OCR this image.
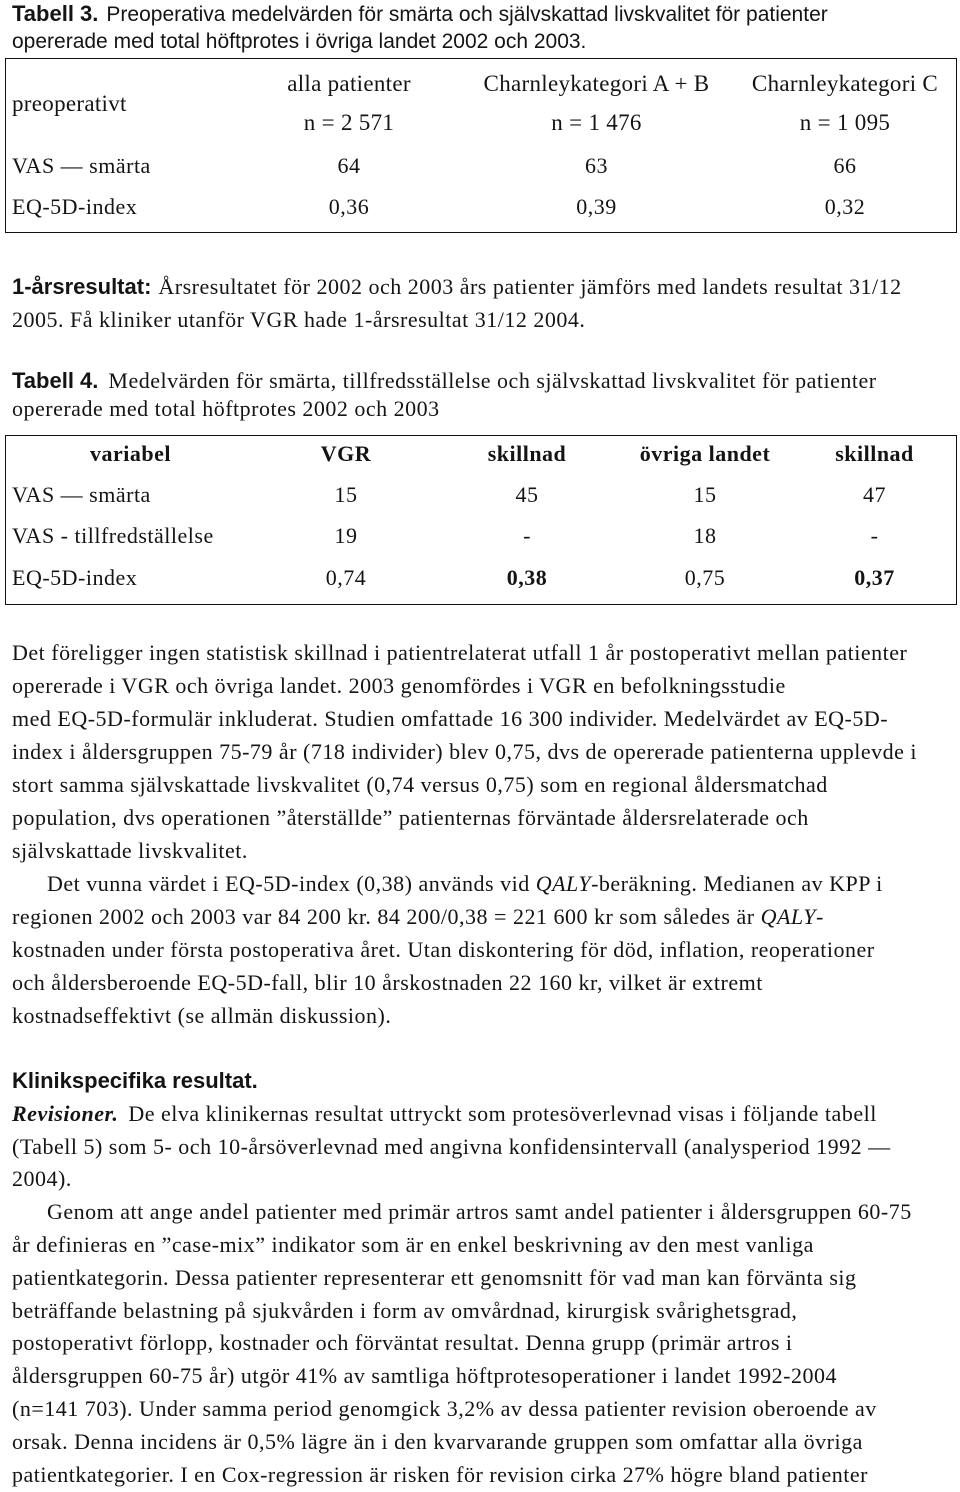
Tabell 3. Preoperativa medelvärden för smärta och självskattad livskvalitet för patienter
opererade med total höftprotes i övriga landet 2002 och 2003.
preoperativt
alla patienter	Charnleykategori A + B	Charnleykategori C
n = 2 571	n = 1 476	n = 1 095
VAS — smärta	64	63	66
EQ-5D-index	0,36	0,39	0,32
1-årsresultat: Årsresultatet för 2002 och 2003 års patienter jämförs med landets resultat 31/12
2005. Få kliniker utanför VGR hade 1-årsresultat 31/12 2004.
Tabell 4. Medelvärden för smärta, tillfredsställelse och självskattad livskvalitet för patienter
opererade med total höftprotes 2002 och 2003
variabel	VGR	skillnad	övriga landet	skillnad
VAS — smärta	15	45	15	47
VAS - tillfredställelse	19	-	18	-
EQ-5D-index	0,74	0,38	0,75	0,37
Det föreligger ingen statistisk skillnad i patientrelaterat utfall 1 år postoperativt mellan patienter
opererade i VGR och övriga landet. 2003 genomfördes i VGR en befolkningsstudie
med EQ-5D-formulär inkluderat. Studien omfattade 16 300 individer. Medelvärdet av EQ-5D-
index i åldersgruppen 75-79 år (718 individer) blev 0,75, dvs de opererade patienterna upplevde i
stort samma självskattade livskvalitet (0,74 versus 0,75) som en regional åldersmatchad
population, dvs operationen ”återställde” patienternas förväntade åldersrelaterade och
självskattade livskvalitet.
Det vunna värdet i EQ-5D-index (0,38) används vid QALY-beräkning. Medianen av KPP i
regionen 2002 och 2003 var 84 200 kr. 84 200/0,38 = 221 600 kr som således är QALY-
kostnaden under första postoperativa året. Utan diskontering för död, inflation, reoperationer
och åldersberoende EQ-5D-fall, blir 10 årskostnaden 22 160 kr, vilket är extremt
kostnadseffektivt (se allmän diskussion).
Klinikspecifika resultat.
Revisioner. De elva klinikernas resultat uttryckt som protesöverlevnad visas i följande tabell
(Tabell 5) som 5- och 10-årsöverlevnad med angivna konfidensintervall (analysperiod 1992 —
2004).
Genom att ange andel patienter med primär artros samt andel patienter i åldersgruppen 60-75
år definieras en ”case-mix” indikator som är en enkel beskrivning av den mest vanliga
patientkategorin. Dessa patienter representerar ett genomsnitt för vad man kan förvänta sig
beträffande belastning på sjukvården i form av omvårdnad, kirurgisk svårighetsgrad,
postoperativt förlopp, kostnader och förväntat resultat. Denna grupp (primär artros i
åldersgruppen 60-75 år) utgör 41% av samtliga höftprotesoperationer i landet 1992-2004
(n=141 703). Under samma period genomgick 3,2% av dessa patienter revision oberoende av
orsak. Denna incidens är 0,5% lägre än i den kvarvarande gruppen som omfattar alla övriga
patientkategorier. I en Cox-regression är risken för revision cirka 27% högre bland patienter
